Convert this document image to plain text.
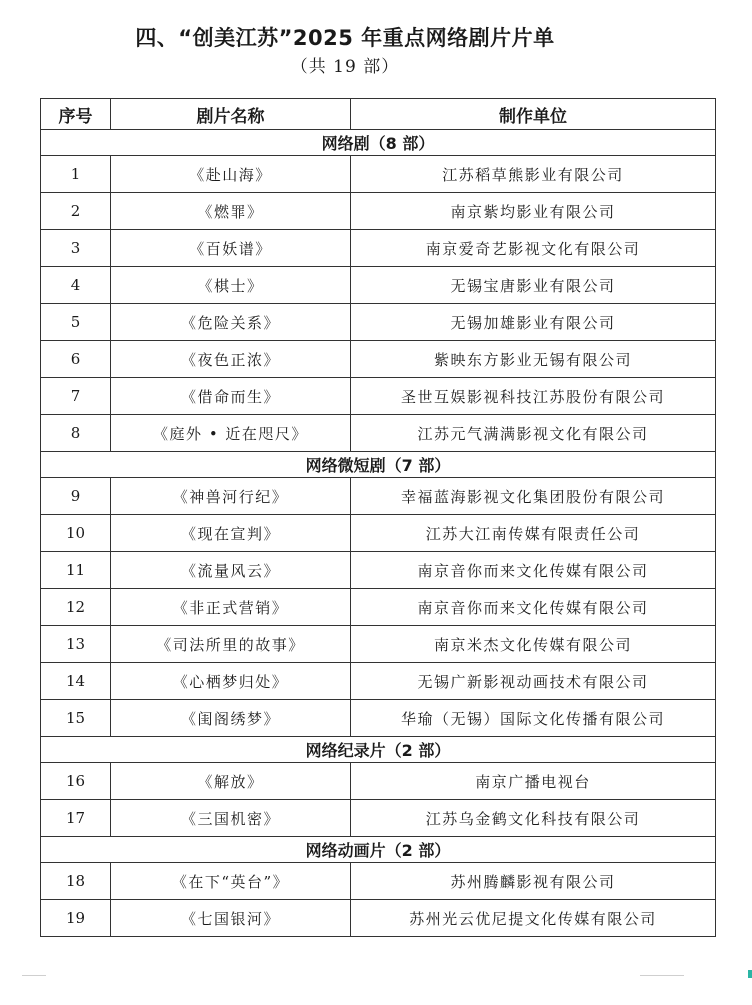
四、“创美江苏”2025 年重点网络剧片片单
（共 19 部）
序号	剧片名称	制作单位
网络剧（8 部）		
1	《赴山海》	江苏稻草熊影业有限公司
2	《燃罪》	南京紫均影业有限公司
3	《百妖谱》	南京爱奇艺影视文化有限公司
4	《棋士》	无锡宝唐影业有限公司
5	《危险关系》	无锡加雄影业有限公司
6	《夜色正浓》	紫映东方影业无锡有限公司
7	《借命而生》	圣世互娱影视科技江苏股份有限公司
8	《庭外 • 近在咫尺》	江苏元气满满影视文化有限公司
网络微短剧（7 部）		
9	《神兽河行纪》	幸福蓝海影视文化集团股份有限公司
10	《现在宣判》	江苏大江南传媒有限责任公司
11	《流量风云》	南京音你而来文化传媒有限公司
12	《非正式营销》	南京音你而来文化传媒有限公司
13	《司法所里的故事》	南京米杰文化传媒有限公司
14	《心栖梦归处》	无锡广新影视动画技术有限公司
15	《闺阁绣梦》	华瑜（无锡）国际文化传播有限公司
网络纪录片（2 部）		
16	《解放》	南京广播电视台
17	《三国机密》	江苏乌金鹤文化科技有限公司
网络动画片（2 部）		
18	《在下“英台”》	苏州腾麟影视有限公司
19	《七国银河》	苏州光云优尼提文化传媒有限公司
